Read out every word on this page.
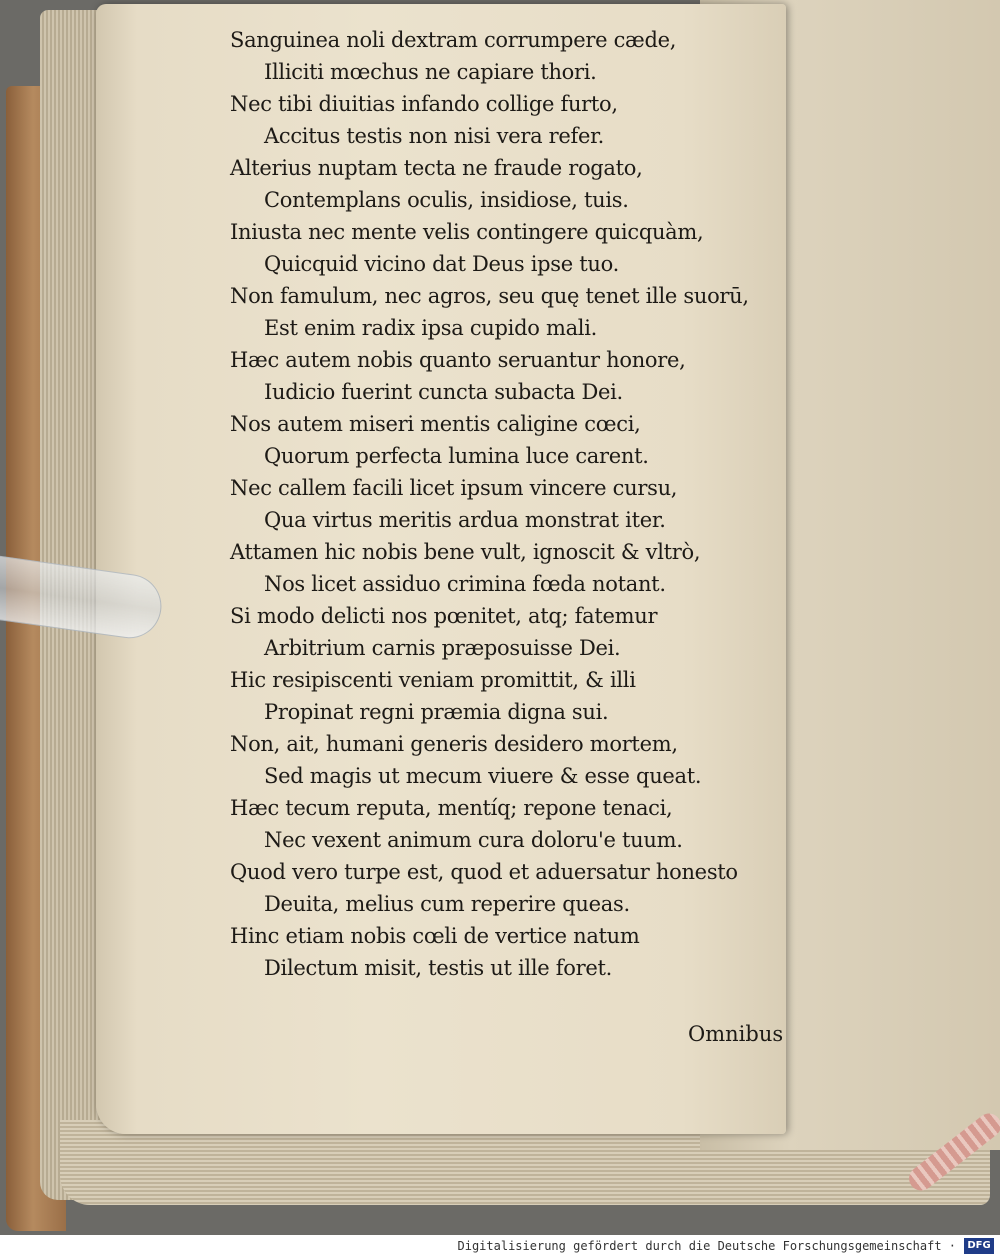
Sanguinea noli dextram corrumpere cæde,
Illiciti mœchus ne capiare thori.
Nec tibi diuitias infando collige furto,
Accitus testis non nisi vera refer.
Alterius nuptam tecta ne fraude rogato,
Contemplans oculis, insidiose, tuis.
Iniusta nec mente velis contingere quicquàm,
Quicquid vicino dat Deus ipse tuo.
Non famulum, nec agros, seu quę tenet ille suorū,
Est enim radix ipsa cupido mali.
Hæc autem nobis quanto seruantur honore,
Iudicio fuerint cuncta subacta Dei.
Nos autem miseri mentis caligine cœci,
Quorum perfecta lumina luce carent.
Nec callem facili licet ipsum vincere cursu,
Qua virtus meritis ardua monstrat iter.
Attamen hic nobis bene vult, ignoscit & vltrò,
Nos licet assiduo crimina fœda notant.
Si modo delicti nos pœnitet, atq; fatemur
Arbitrium carnis præposuisse Dei.
Hic resipiscenti veniam promittit, & illi
Propinat regni præmia digna sui.
Non, ait, humani generis desidero mortem,
Sed magis ut mecum viuere & esse queat.
Hæc tecum reputa, mentíq; repone tenaci,
Nec vexent animum cura doloru'e tuum.
Quod vero turpe est, quod et aduersatur honesto
Deuita, melius cum reperire queas.
Hinc etiam nobis cœli de vertice natum
Dilectum misit, testis ut ille foret.
Omnibus
Digitalisierung gefördert durch die Deutsche Forschungsgemeinschaft ·	DFG
